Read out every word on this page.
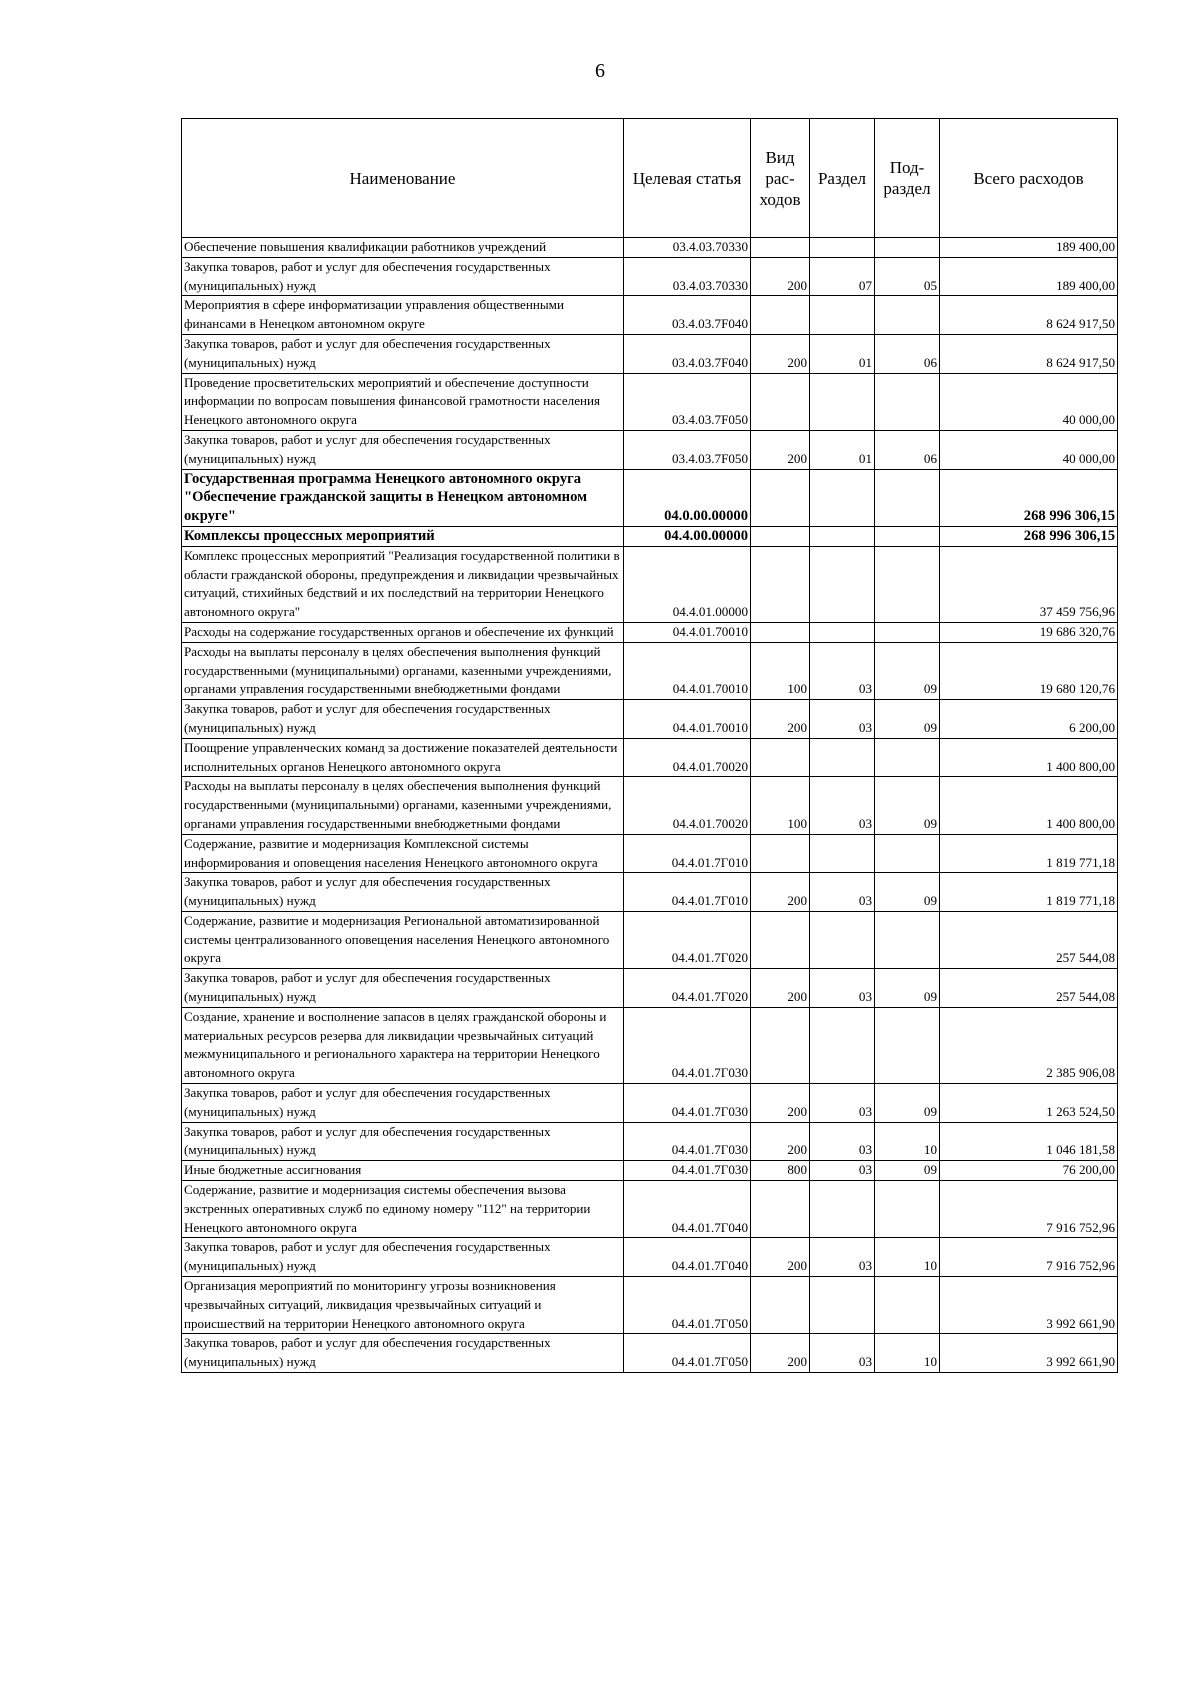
6
Наименование	Целевая статья	Вид рас-ходов	Раздел	Под-раздел	Всего расходов
Обеспечение повышения квалификации работников учреждений	03.4.03.70330				189 400,00
Закупка товаров, работ и услуг для обеспечения государственных (муниципальных) нужд	03.4.03.70330	200	07	05	189 400,00
Мероприятия в сфере информатизации управления общественными финансами в Ненецком автономном округе	03.4.03.7F040				8 624 917,50
Закупка товаров, работ и услуг для обеспечения государственных (муниципальных) нужд	03.4.03.7F040	200	01	06	8 624 917,50
Проведение просветительских мероприятий и обеспечение доступности информации по вопросам повышения финансовой грамотности населения Ненецкого автономного округа	03.4.03.7F050				40 000,00
Закупка товаров, работ и услуг для обеспечения государственных (муниципальных) нужд	03.4.03.7F050	200	01	06	40 000,00
Государственная программа Ненецкого автономного округа "Обеспечение гражданской защиты в Ненецком автономном округе"	04.0.00.00000				268 996 306,15
Комплексы процессных мероприятий	04.4.00.00000				268 996 306,15
Комплекс процессных мероприятий "Реализация государственной политики в области гражданской обороны, предупреждения и ликвидации чрезвычайных ситуаций, стихийных бедствий и их последствий на территории Ненецкого автономного округа"	04.4.01.00000				37 459 756,96
Расходы на содержание государственных органов и обеспечение их функций	04.4.01.70010				19 686 320,76
Расходы на выплаты персоналу в целях обеспечения выполнения функций государственными (муниципальными) органами, казенными учреждениями, органами управления государственными внебюджетными фондами	04.4.01.70010	100	03	09	19 680 120,76
Закупка товаров, работ и услуг для обеспечения государственных (муниципальных) нужд	04.4.01.70010	200	03	09	6 200,00
Поощрение управленческих команд за достижение показателей деятельности исполнительных органов Ненецкого автономного округа	04.4.01.70020				1 400 800,00
Расходы на выплаты персоналу в целях обеспечения выполнения функций государственными (муниципальными) органами, казенными учреждениями, органами управления государственными внебюджетными фондами	04.4.01.70020	100	03	09	1 400 800,00
Содержание, развитие и модернизация Комплексной системы информирования и оповещения населения Ненецкого автономного округа	04.4.01.7Г010				1 819 771,18
Закупка товаров, работ и услуг для обеспечения государственных (муниципальных) нужд	04.4.01.7Г010	200	03	09	1 819 771,18
Содержание, развитие и модернизация Региональной автоматизированной системы централизованного оповещения населения Ненецкого автономного округа	04.4.01.7Г020				257 544,08
Закупка товаров, работ и услуг для обеспечения государственных (муниципальных) нужд	04.4.01.7Г020	200	03	09	257 544,08
Создание, хранение и восполнение запасов в целях гражданской обороны и материальных ресурсов резерва для ликвидации чрезвычайных ситуаций межмуниципального и регионального характера на территории Ненецкого автономного округа	04.4.01.7Г030				2 385 906,08
Закупка товаров, работ и услуг для обеспечения государственных (муниципальных) нужд	04.4.01.7Г030	200	03	09	1 263 524,50
Закупка товаров, работ и услуг для обеспечения государственных (муниципальных) нужд	04.4.01.7Г030	200	03	10	1 046 181,58
Иные бюджетные ассигнования	04.4.01.7Г030	800	03	09	76 200,00
Содержание, развитие и модернизация системы обеспечения вызова экстренных оперативных служб по единому номеру "112" на территории Ненецкого автономного округа	04.4.01.7Г040				7 916 752,96
Закупка товаров, работ и услуг для обеспечения государственных (муниципальных) нужд	04.4.01.7Г040	200	03	10	7 916 752,96
Организация мероприятий по мониторингу угрозы возникновения чрезвычайных ситуаций, ликвидация чрезвычайных ситуаций и происшествий на территории Ненецкого автономного округа	04.4.01.7Г050				3 992 661,90
Закупка товаров, работ и услуг для обеспечения государственных (муниципальных) нужд	04.4.01.7Г050	200	03	10	3 992 661,90
